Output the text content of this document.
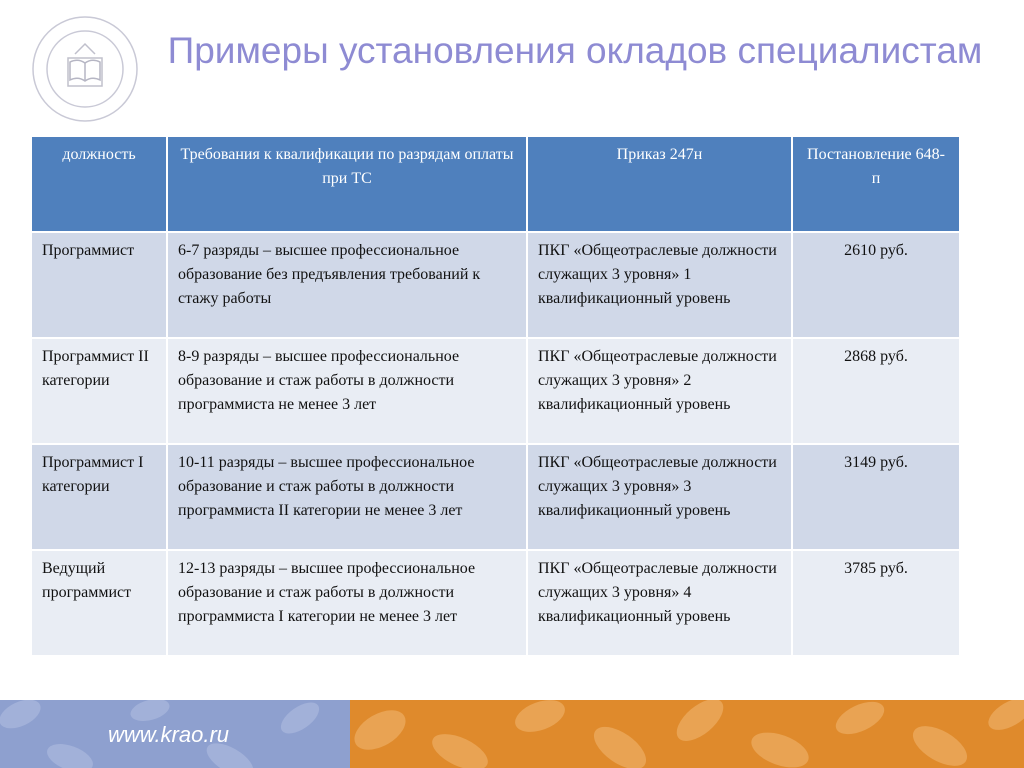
Примеры установления окладов специалистам
должность	Требования к квалификации по разрядам оплаты при ТС	Приказ 247н	Постановление 648-п
Программист	6-7 разряды – высшее профессиональное образование без предъявления требований к стажу работы	ПКГ «Общеотраслевые должности служащих 3 уровня» 1 квалификационный уровень	2610 руб.
Программист II категории	8-9 разряды – высшее профессиональное образование и стаж работы в должности программиста не менее 3 лет	ПКГ «Общеотраслевые должности служащих 3 уровня» 2 квалификационный уровень	2868 руб.
Программист I категории	10-11 разряды – высшее профессиональное образование и стаж работы в должности программиста II категории не менее 3 лет	ПКГ «Общеотраслевые должности служащих 3 уровня» 3 квалификационный уровень	3149 руб.
Ведущий программист	12-13 разряды – высшее профессиональное образование и стаж работы в должности программиста I категории не менее 3 лет	ПКГ «Общеотраслевые должности служащих 3 уровня» 4 квалификационный уровень	3785 руб.
www.krao.ru
